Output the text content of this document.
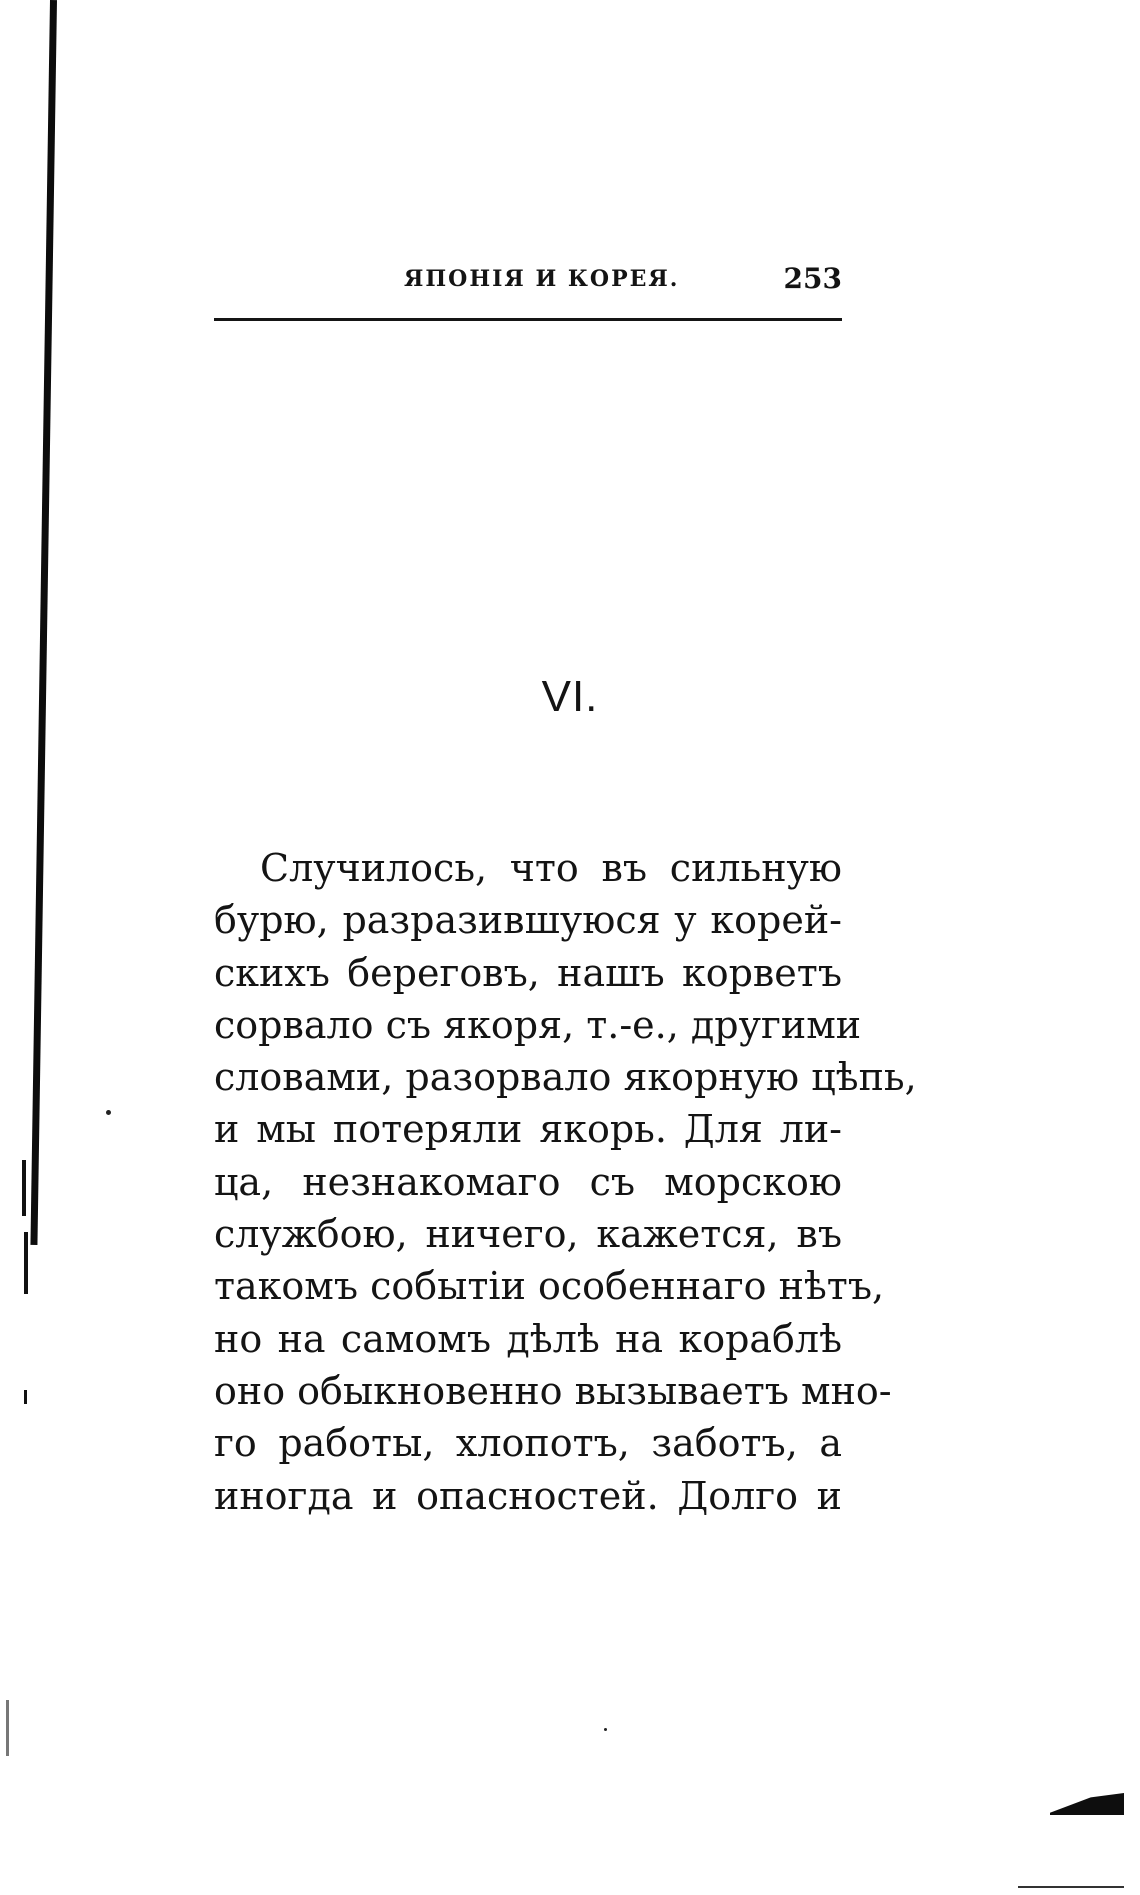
ЯПОНІЯ И КОРЕЯ.	253
VI.
Случилось, что въ сильную
бурю, разразившуюся у корей-
скихъ береговъ, нашъ корветъ
сорвало съ якоря, т.-е., другими
словами, разорвало якорную цѣпь,
и мы потеряли якорь. Для ли-
ца, незнакомаго съ морскою
службою, ничего, кажется, въ
такомъ событіи особеннаго нѣтъ,
но на самомъ дѣлѣ на кораблѣ
оно обыкновенно вызываетъ мно-
го работы, хлопотъ, заботъ, а
иногда и опасностей. Долго и
